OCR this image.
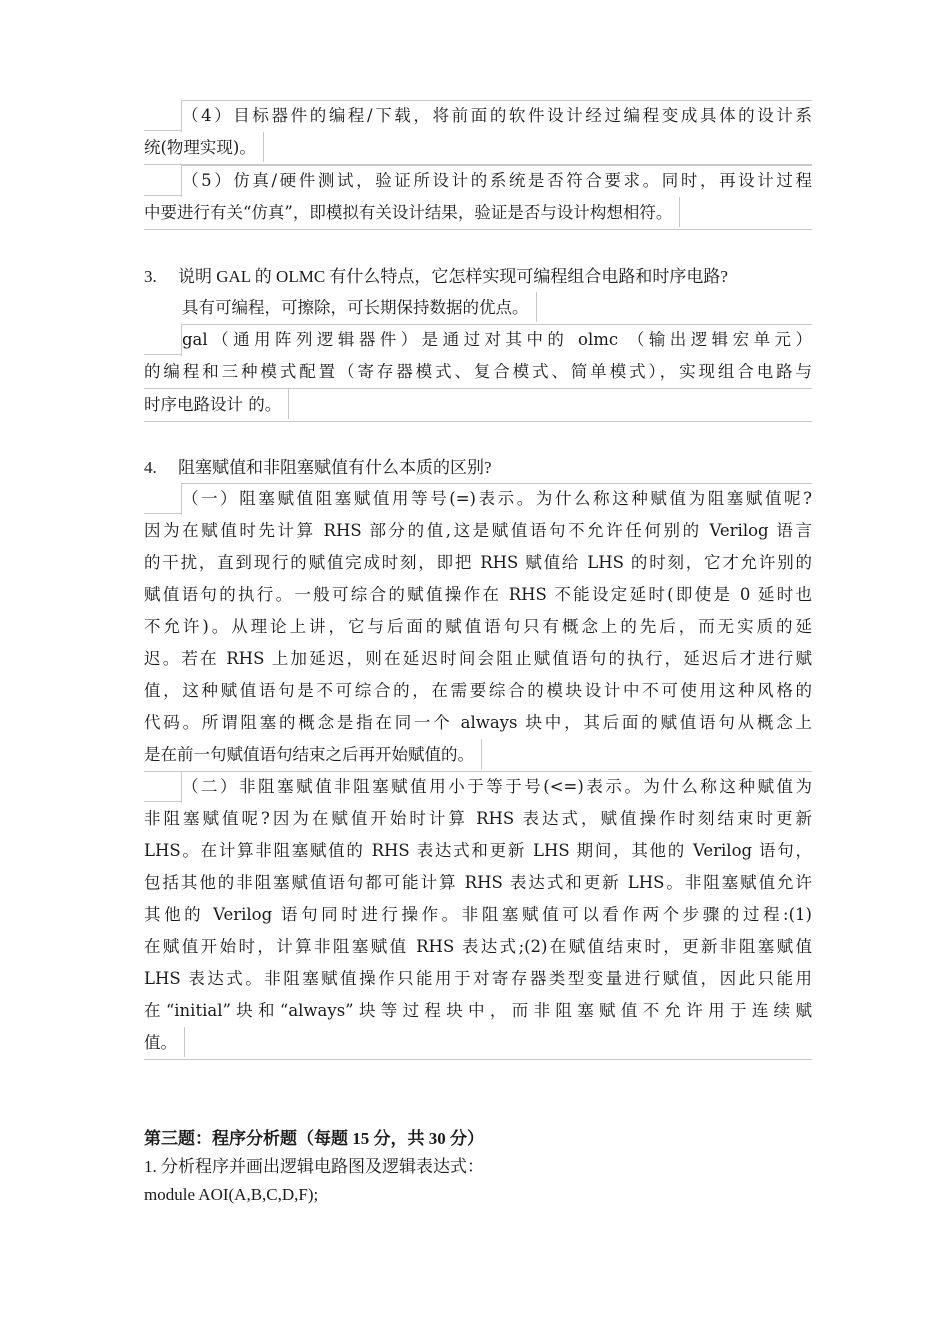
（4）目标器件的编程/下载，将前面的软件设计经过编程变成具体的设计系
统(物理实现)。
（5）仿真/硬件测试，验证所设计的系统是否符合要求。同时，再设计过程
中要进行有关“仿真”，即模拟有关设计结果，验证是否与设计构想相符。
3. 说明 GAL 的 OLMC 有什么特点，它怎样实现可编程组合电路和时序电路?
具有可编程，可擦除，可长期保持数据的优点。
gal（通用阵列逻辑器件）是通过对其中的 olmc （输出逻辑宏单元）
的编程和三种模式配置（寄存器模式、复合模式、简单模式），实现组合电路与
时序电路设计 的。
4. 阻塞赋值和非阻塞赋值有什么本质的区别?
（一）阻塞赋值阻塞赋值用等号(=)表示。为什么称这种赋值为阻塞赋值呢?
因为在赋值时先计算 RHS 部分的值,这是赋值语句不允许任何别的 Verilog 语言
的干扰，直到现行的赋值完成时刻，即把 RHS 赋值给 LHS 的时刻，它才允许别的
赋值语句的执行。一般可综合的赋值操作在 RHS 不能设定延时(即使是 0 延时也
不允许)。从理论上讲，它与后面的赋值语句只有概念上的先后，而无实质的延
迟。若在 RHS 上加延迟，则在延迟时间会阻止赋值语句的执行，延迟后才进行赋
值，这种赋值语句是不可综合的，在需要综合的模块设计中不可使用这种风格的
代码。所谓阻塞的概念是指在同一个 always 块中，其后面的赋值语句从概念上
是在前一句赋值语句结束之后再开始赋值的。
（二）非阻塞赋值非阻塞赋值用小于等于号(<=)表示。为什么称这种赋值为
非阻塞赋值呢?因为在赋值开始时计算 RHS 表达式，赋值操作时刻结束时更新
LHS。在计算非阻塞赋值的 RHS 表达式和更新 LHS 期间，其他的 Verilog 语句，
包括其他的非阻塞赋值语句都可能计算 RHS 表达式和更新 LHS。非阻塞赋值允许
其他的 Verilog 语句同时进行操作。非阻塞赋值可以看作两个步骤的过程:(1)
在赋值开始时，计算非阻塞赋值 RHS 表达式;(2)在赋值结束时，更新非阻塞赋值
LHS 表达式。非阻塞赋值操作只能用于对寄存器类型变量进行赋值，因此只能用
在“initial”块和“always”块等过程块中，而非阻塞赋值不允许用于连续赋
值。
第三题：程序分析题（每题 15 分，共 30 分）
1. 分析程序并画出逻辑电路图及逻辑表达式：
module AOI(A,B,C,D,F);
